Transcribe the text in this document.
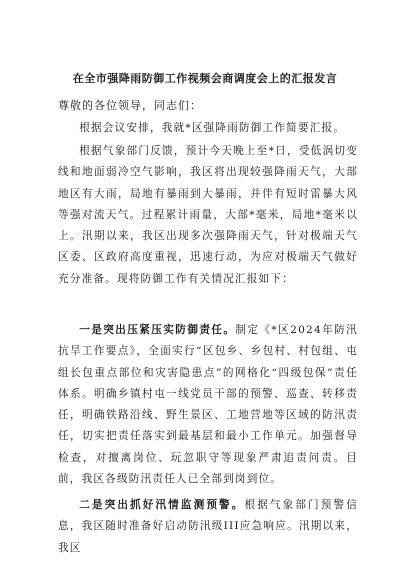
在全市强降雨防御工作视频会商调度会上的汇报发言

尊敬的各位领导，同志们：

根据会议安排，我就*区强降雨防御工作简要汇报。

根据气象部门反馈，预计今天晚上至*日，受低涡切变线和地面弱冷空气影响，我区将出现较强降雨天气，大部地区有大雨，局地有暴雨到大暴雨，并伴有短时雷暴大风等强对流天气。过程累计雨量，大部*毫米，局地*毫米以上。汛期以来，我区出现多次强降雨天气，针对极端天气区委、区政府高度重视，迅速行动，为应对极端天气做好充分准备。现将防御工作有关情况汇报如下：

一是突出压紧压实防御责任。制定《*区2024年防汛抗旱工作要点》，全面实行“区包乡、乡包村、村包组、屯组长包重点部位和灾害隐患点”的网格化“四级包保”责任体系。明确乡镇村屯一线党员干部的预警、巡查、转移责任，明确铁路沿线、野生景区、工地营地等区域的防汛责任，切实把责任落实到最基层和最小工作单元。加强督导检查，对擅离岗位、玩忽职守等现象严肃追责问责。目前，我区各级防汛责任人已全部到岗到位。

二是突出抓好汛情监测预警。根据气象部门预警信息，我区随时准备好启动防汛级III应急响应。汛期以来，我区
